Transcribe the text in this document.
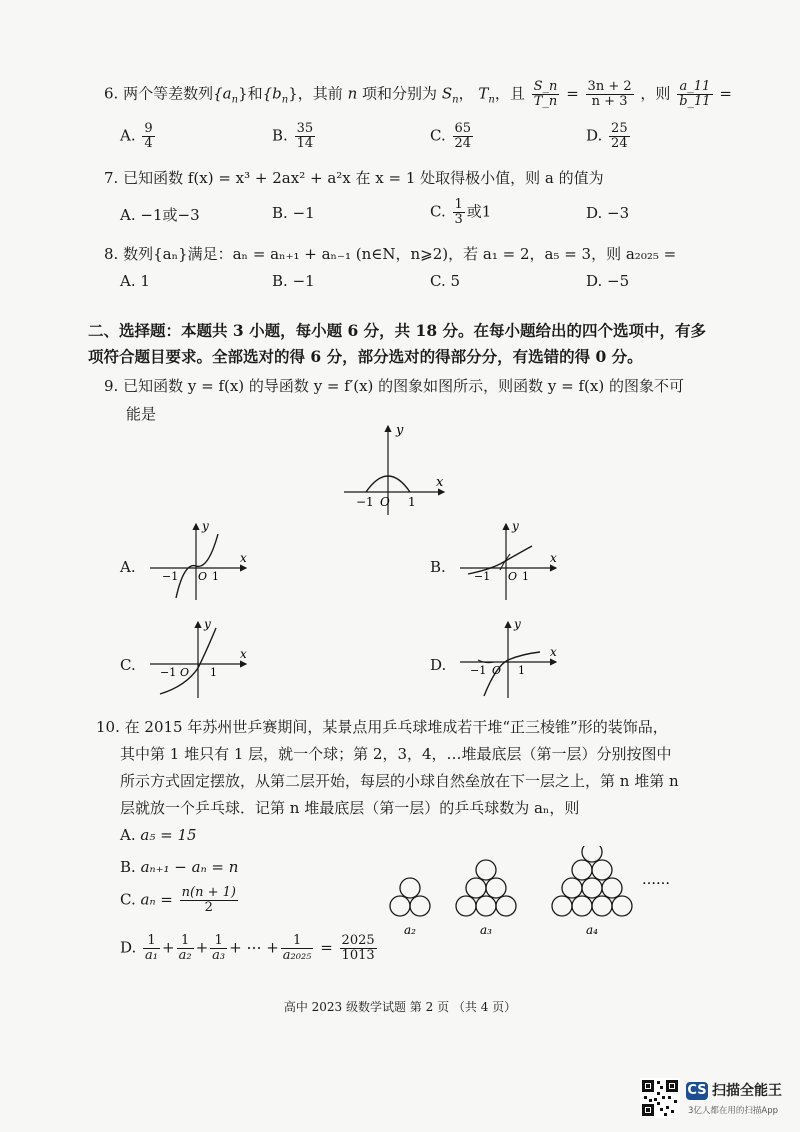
6. 两个等差数列$\{a_n\}$和$\{b_n\}$，其前 n 项和分别为 $S_n$， $T_n$，且 $\frac{S\_n}{T\_n} = \frac{3n + 2}{n + 3}$ ，则 $\frac{a\_11}{b\_11}$ =
A. $\frac{9}{4}$	B. $\frac{35}{14}$	C. $\frac{65}{24}$	D. $\frac{25}{24}$
7. 已知函数 f(x) = x³ + 2ax² + a²x 在 x = 1 处取得极小值，则 a 的值为
A. −1或−3	B. −1	C. $\frac{1}{3}$ 或1	D. −3
8. 数列{aₙ}满足：aₙ = aₙ₊₁ + aₙ₋₁ (n∈N，n⩾2)，若 a₁ = 2，a₅ = 3，则 a₂₀₂₅ =
A. 1	B. −1	C. 5	D. −5
二、选择题：本题共 3 小题，每小题 6 分，共 18 分。在每小题给出的四个选项中，有多
项符合题目要求。全部选对的得 6 分，部分选对的得部分分，有选错的得 0 分。
9. 已知函数 y = f(x) 的导函数 y = f′(x) 的图象如图所示，则函数 y = f(x) 的图象不可
能是
y
x
−1 O 1
A.
y
x
−1 O 1
B.
y
x
−1 O 1
C.
y
x
−1 O 1	D.
y
x
−1 O 1
10. 在 2015 年苏州世乒赛期间，某景点用乒乓球堆成若干堆“正三棱锥”形的装饰品，
其中第 1 堆只有 1 层，就一个球；第 2，3，4，…堆最底层（第一层）分别按图中
所示方式固定摆放，从第二层开始，每层的小球自然垒放在下一层之上，第 n 堆第 n
层就放一个乒乓球．记第 n 堆最底层（第一层）的乒乓球数为 aₙ，则
A. a₅ = 15
B. aₙ₊₁ − aₙ = n
C. $a_n = \frac{n(n + 1)}{2}$
D. $\frac{1}{\text{a₁}} + \frac{1}{\text{a₂}} + \frac{1}{\text{a₃}}$ + ⋯ + $\frac{1}{\text{a₂₀₂₅}} = \frac{2025}{1013}$
a₂	a₃	a₄
……
高中 2023 级数学试题 第 2 页 （共 4 页）
CS 扫描全能王
3亿人都在用的扫描App
